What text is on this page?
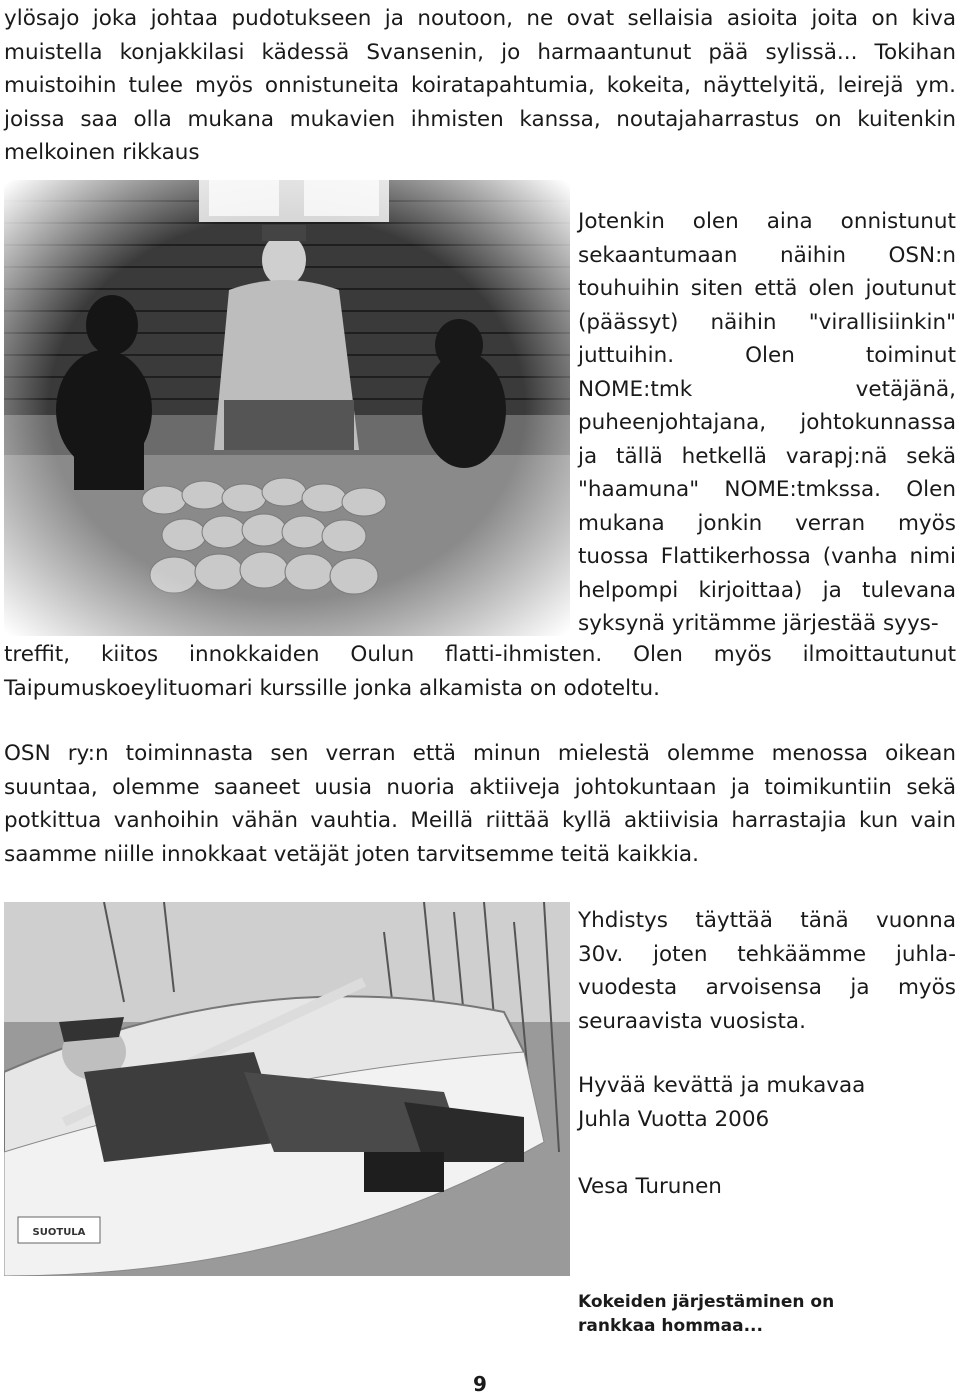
ylösajo joka johtaa pudotukseen ja noutoon, ne ovat sellaisia asioita joita on kiva
muistella konjakkilasi kädessä Svansenin, jo harmaantunut pää sylissä... Tokihan
muistoihin tulee myös onnistuneita koiratapahtumia, kokeita, näyttelyitä, leirejä ym.
joissa saa olla mukana mukavien ihmisten kanssa, noutajaharrastus on kuitenkin
melkoinen rikkaus

Jotenkin olen aina onnistunut
sekaantumaan näihin OSN:n
touhuihin siten että olen joutunut
(päässyt) näihin "virallisiinkin"
juttuihin. Olen toiminut
NOME:tmk vetäjänä,
puheenjohtajana, johtokunnassa
ja tällä hetkellä varapj:nä sekä
"haamuna" NOME:tmkssa. Olen
mukana jonkin verran myös
tuossa Flattikerhossa (vanha nimi
helpompi kirjoittaa) ja tulevana
syksynä yritämme järjestää syys-

treffit, kiitos innokkaiden Oulun flatti-ihmisten. Olen myös ilmoittautunut
Taipumuskoeylituomari kurssille jonka alkamista on odoteltu.

OSN ry:n toiminnasta sen verran että minun mielestä olemme menossa oikean
suuntaa, olemme saaneet uusia nuoria aktiiveja johtokuntaan ja toimikuntiin sekä
potkittua vanhoihin vähän vauhtia. Meillä riittää kyllä aktiivisia harrastajia kun vain
saamme niille innokkaat vetäjät joten tarvitsemme teitä kaikkia.

SUOTULA

Yhdistys täyttää tänä vuonna
30v. joten tehkäämme juhla-
vuodesta arvoisensa ja myös
seuraavista vuosista.

Hyvää kevättä ja mukavaa
Juhla Vuotta 2006

Vesa Turunen

Kokeiden järjestäminen on
rankkaa hommaa...

9
